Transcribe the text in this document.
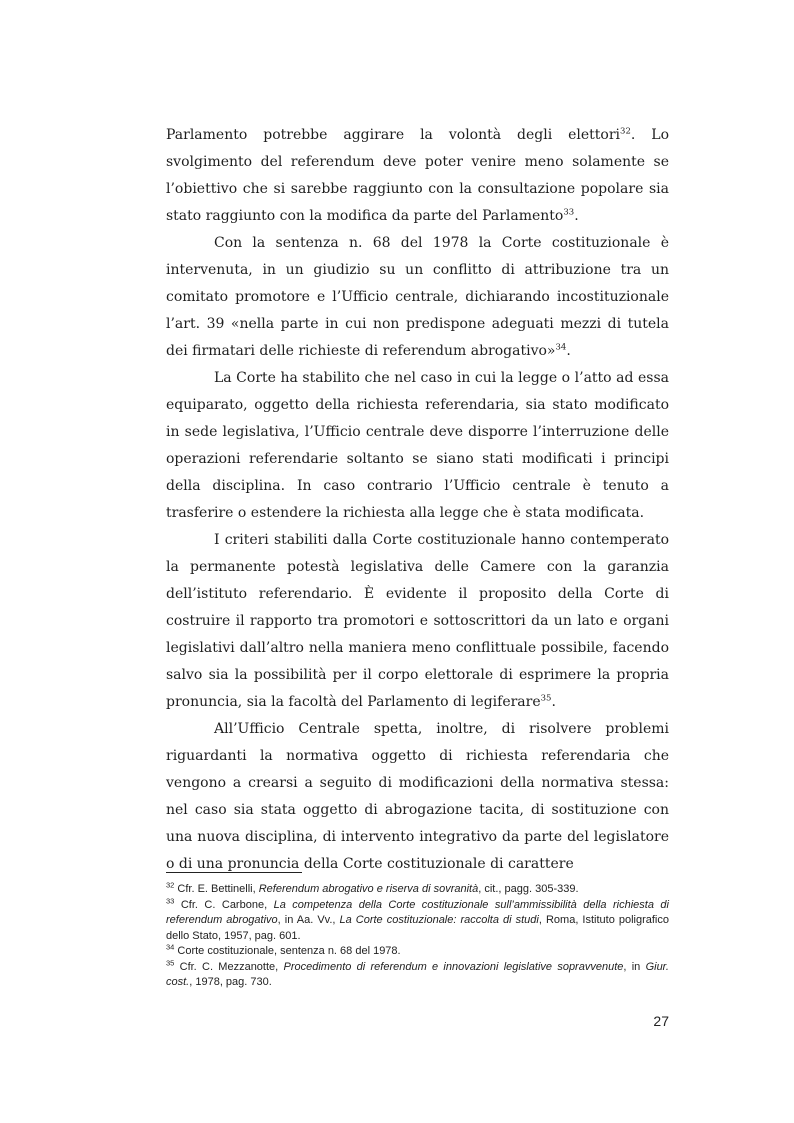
Parlamento potrebbe aggirare la volontà degli elettori$^{32}$. Lo svolgimento del referendum deve poter venire meno solamente se l’obiettivo che si sarebbe raggiunto con la consultazione popolare sia stato raggiunto con la modifica da parte del Parlamento$^{33}$.

Con la sentenza n. 68 del 1978 la Corte costituzionale è intervenuta, in un giudizio su un conflitto di attribuzione tra un comitato promotore e l’Ufficio centrale, dichiarando incostituzionale l’art. 39 «nella parte in cui non predispone adeguati mezzi di tutela dei firmatari delle richieste di referendum abrogativo»$^{34}$.

La Corte ha stabilito che nel caso in cui la legge o l’atto ad essa equiparato, oggetto della richiesta referendaria, sia stato modificato in sede legislativa, l’Ufficio centrale deve disporre l’interruzione delle operazioni referendarie soltanto se siano stati modificati i principi della disciplina. In caso contrario l’Ufficio centrale è tenuto a trasferire o estendere la richiesta alla legge che è stata modificata.

I criteri stabiliti dalla Corte costituzionale hanno contemperato la permanente potestà legislativa delle Camere con la garanzia dell’istituto referendario. È evidente il proposito della Corte di costruire il rapporto tra promotori e sottoscrittori da un lato e organi legislativi dall’altro nella maniera meno conflittuale possibile, facendo salvo sia la possibilità per il corpo elettorale di esprimere la propria pronuncia, sia la facoltà del Parlamento di legiferare$^{35}$.

All’Ufficio Centrale spetta, inoltre, di risolvere problemi riguardanti la normativa oggetto di richiesta referendaria che vengono a crearsi a seguito di modificazioni della normativa stessa: nel caso sia stata oggetto di abrogazione tacita, di sostituzione con una nuova disciplina, di intervento integrativo da parte del legislatore o di una pronuncia della Corte costituzionale di carattere

$^{32}$ Cfr. E. Bettinelli, Referendum abrogativo e riserva di sovranità, cit., pagg. 305-339.

$^{33}$ Cfr. C. Carbone, La competenza della Corte costituzionale sull’ammissibilità della richiesta di referendum abrogativo, in Aa. Vv., La Corte costituzionale: raccolta di studi, Roma, Istituto poligrafico dello Stato, 1957, pag. 601.

$^{34}$ Corte costituzionale, sentenza n. 68 del 1978.

$^{35}$ Cfr. C. Mezzanotte, Procedimento di referendum e innovazioni legislative sopravvenute, in Giur. cost., 1978, pag. 730.

27
